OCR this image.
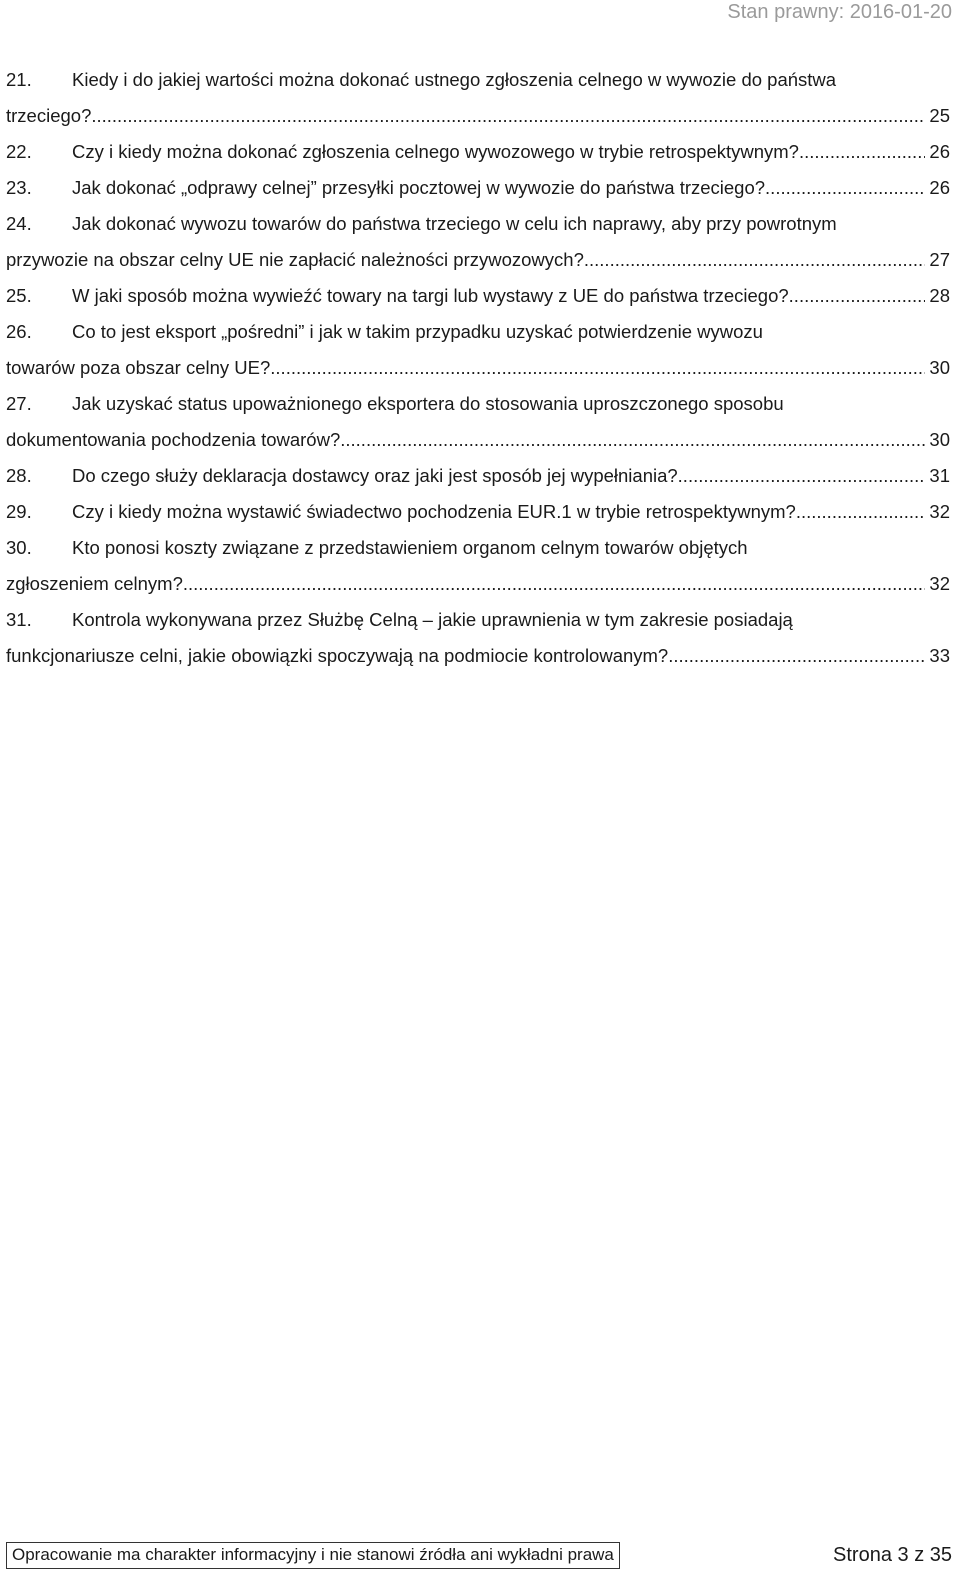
Stan prawny: 2016-01-20
21.	Kiedy i do jakiej wartości można dokonać ustnego zgłoszenia celnego w wywozie do państwa
trzeciego? .....	25
22.	Czy i kiedy można dokonać zgłoszenia celnego wywozowego w trybie retrospektywnym? .....	26
23.	Jak dokonać „odprawy celnej” przesyłki pocztowej w wywozie do państwa trzeciego? .....	26
24.	Jak dokonać wywozu towarów do państwa trzeciego w celu ich naprawy, aby przy powrotnym
przywozie na obszar celny UE nie zapłacić należności przywozowych? .....	27
25.	W jaki sposób można wywieźć towary na targi lub wystawy z UE do państwa trzeciego? .....	28
26.	Co to jest eksport „pośredni” i jak w takim przypadku uzyskać potwierdzenie wywozu
towarów poza obszar celny UE? .....	30
27.	Jak uzyskać status upoważnionego eksportera do stosowania uproszczonego sposobu
dokumentowania pochodzenia towarów? .....	30
28.	Do czego służy deklaracja dostawcy oraz jaki jest sposób jej wypełniania? .....	31
29.	Czy i kiedy można wystawić świadectwo pochodzenia EUR.1 w trybie retrospektywnym? .....	32
30.	Kto ponosi koszty związane z przedstawieniem organom celnym towarów objętych
zgłoszeniem celnym? .....	32
31.	Kontrola wykonywana przez Służbę Celną – jakie uprawnienia w tym zakresie posiadają
funkcjonariusze celni, jakie obowiązki spoczywają na podmiocie kontrolowanym? .....	33
Opracowanie ma charakter informacyjny i nie stanowi źródła ani wykładni prawa	Strona 3 z 35
